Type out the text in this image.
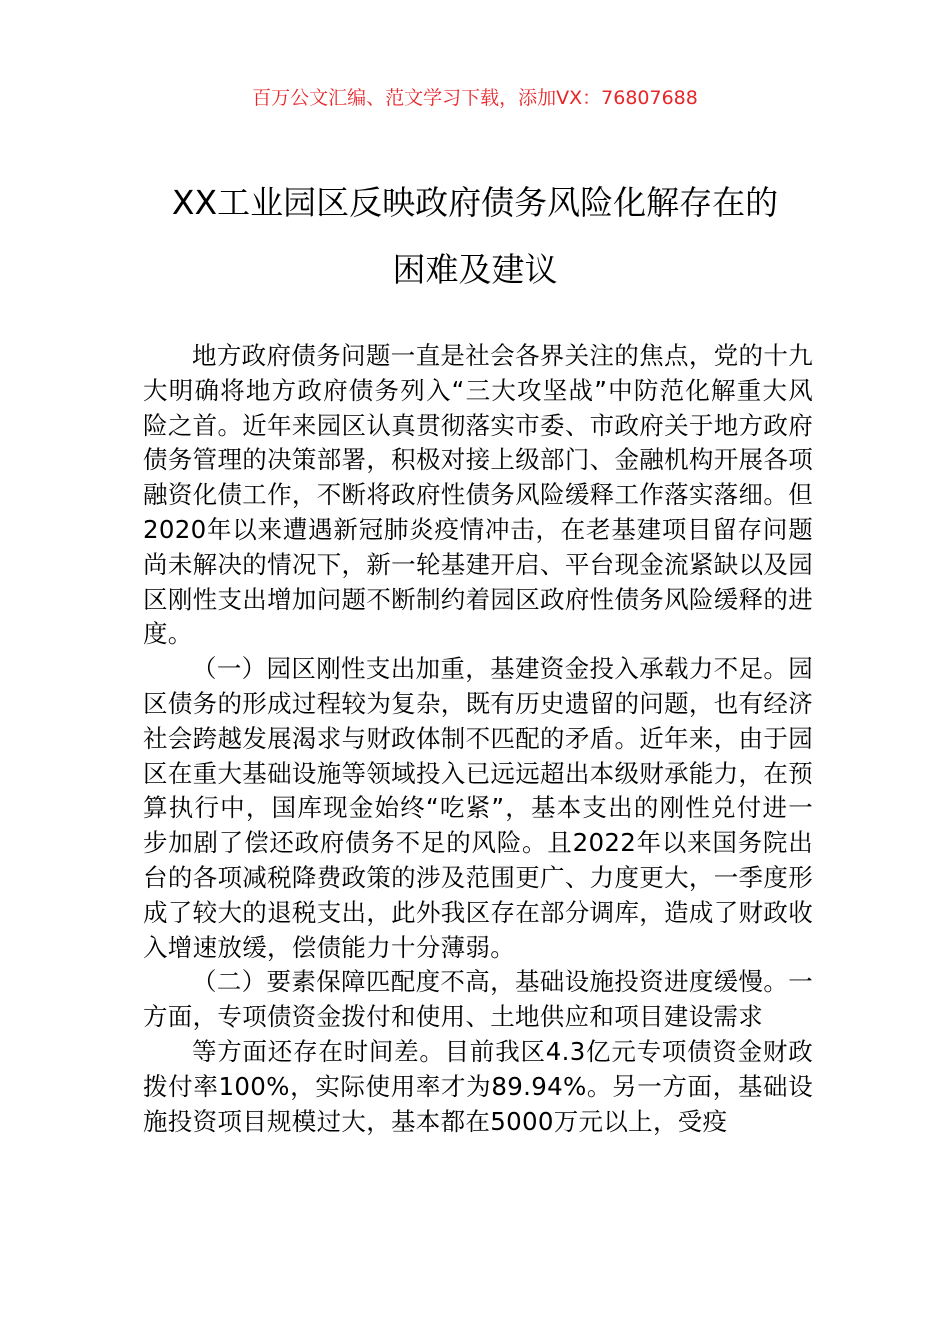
百万公文汇编、范文学习下载，添加VX：76807688

XX工业园区反映政府债务风险化解存在的
困难及建议

地方政府债务问题一直是社会各界关注的焦点，党的十九大明确将地方政府债务列入“三大攻坚战”中防范化解重大风险之首。近年来园区认真贯彻落实市委、市政府关于地方政府债务管理的决策部署，积极对接上级部门、金融机构开展各项融资化债工作，不断将政府性债务风险缓释工作落实落细。但2020年以来遭遇新冠肺炎疫情冲击，在老基建项目留存问题尚未解决的情况下，新一轮基建开启、平台现金流紧缺以及园区刚性支出增加问题不断制约着园区政府性债务风险缓释的进度。

（一）园区刚性支出加重，基建资金投入承载力不足。园区债务的形成过程较为复杂，既有历史遗留的问题，也有经济社会跨越发展渴求与财政体制不匹配的矛盾。近年来，由于园区在重大基础设施等领域投入已远远超出本级财承能力，在预算执行中，国库现金始终“吃紧”，基本支出的刚性兑付进一步加剧了偿还政府债务不足的风险。且2022年以来国务院出台的各项减税降费政策的涉及范围更广、力度更大，一季度形成了较大的退税支出，此外我区存在部分调库，造成了财政收入增速放缓，偿债能力十分薄弱。

（二）要素保障匹配度不高，基础设施投资进度缓慢。一方面，专项债资金拨付和使用、土地供应和项目建设需求

等方面还存在时间差。目前我区4.3亿元专项债资金财政拨付率100%，实际使用率才为89.94%。另一方面，基础设施投资项目规模过大，基本都在5000万元以上，受疫
